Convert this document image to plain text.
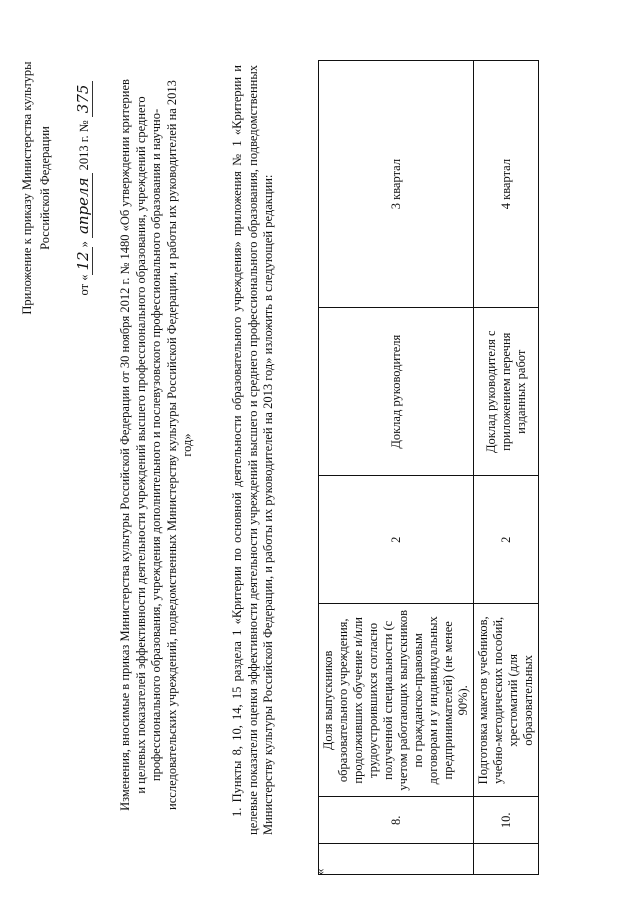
Приложение к приказу Министерства культуры Российской Федерации
от «12» апреля 2013 г. № 375 Изменения, вносимые в приказ Министерства культуры Российской Федерации от 30 ноября 2012 г. № 1480 «Об утверждении критериев и целевых показателей эффективности деятельности учреждений высшего профессионального образования, учреждений среднего профессионального образования, учреждения дополнительного и послевузовского профессионального образования и научно-исследовательских учреждений, подведомственных Министерству культуры Российской Федерации, и работы их руководителей на 2013 год»	1. Пункты 8, 10, 14, 15 раздела 1 «Критерии по основной деятельности образовательного учреждения» приложения № 1 «Критерии и целевые показатели оценки эффективности деятельности учреждений высшего и среднего профессионального образования, подведомственных Министерству культуры Российской Федерации, и работы их руководителей на 2013 год» изложить в следующей редакции:
«
	8.	Доля выпускников образовательного учреждения, продолживших обучение и/или трудоустроившихся согласно полученной специальности (с учетом работающих выпускников по гражданско-правовым договорам и у индивидуальных предпринимателей) (не менее 90%).	2	Доклад руководителя	3 квартал
	10.	Подготовка макетов учебников, учебно-методических пособий, хрестоматий (для образовательных	2	Доклад руководителя с приложением перечня изданных работ	4 квартал
